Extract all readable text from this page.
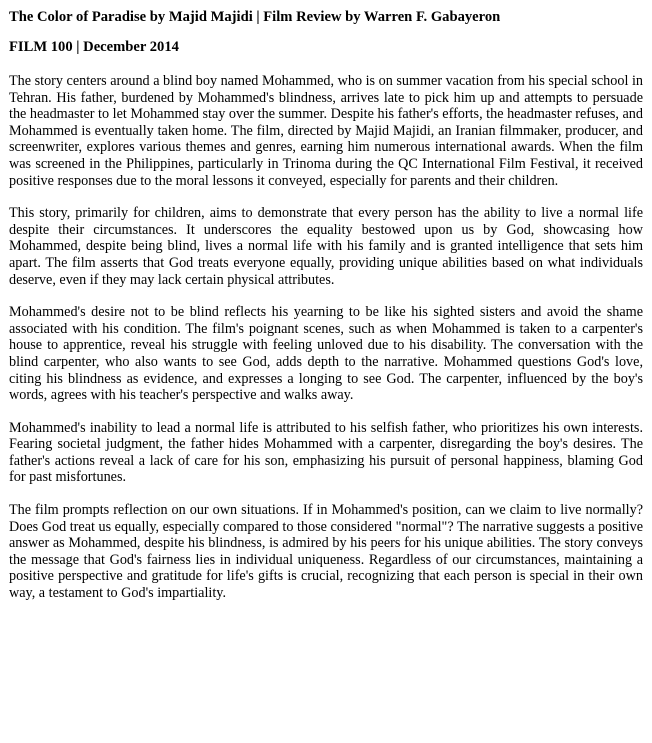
The Color of Paradise by Majid Majidi | Film Review by Warren F. Gabayeron
FILM 100 | December 2014

The story centers around a blind boy named Mohammed, who is on summer vacation from his special school in Tehran. His father, burdened by Mohammed's blindness, arrives late to pick him up and attempts to persuade the headmaster to let Mohammed stay over the summer. Despite his father's efforts, the headmaster refuses, and Mohammed is eventually taken home. The film, directed by Majid Majidi, an Iranian filmmaker, producer, and screenwriter, explores various themes and genres, earning him numerous international awards. When the film was screened in the Philippines, particularly in Trinoma during the QC International Film Festival, it received positive responses due to the moral lessons it conveyed, especially for parents and their children.

This story, primarily for children, aims to demonstrate that every person has the ability to live a normal life despite their circumstances. It underscores the equality bestowed upon us by God, showcasing how Mohammed, despite being blind, lives a normal life with his family and is granted intelligence that sets him apart. The film asserts that God treats everyone equally, providing unique abilities based on what individuals deserve, even if they may lack certain physical attributes.

Mohammed's desire not to be blind reflects his yearning to be like his sighted sisters and avoid the shame associated with his condition. The film's poignant scenes, such as when Mohammed is taken to a carpenter's house to apprentice, reveal his struggle with feeling unloved due to his disability. The conversation with the blind carpenter, who also wants to see God, adds depth to the narrative. Mohammed questions God's love, citing his blindness as evidence, and expresses a longing to see God. The carpenter, influenced by the boy's words, agrees with his teacher's perspective and walks away.

Mohammed's inability to lead a normal life is attributed to his selfish father, who prioritizes his own interests. Fearing societal judgment, the father hides Mohammed with a carpenter, disregarding the boy's desires. The father's actions reveal a lack of care for his son, emphasizing his pursuit of personal happiness, blaming God for past misfortunes.

The film prompts reflection on our own situations. If in Mohammed's position, can we claim to live normally? Does God treat us equally, especially compared to those considered "normal"? The narrative suggests a positive answer as Mohammed, despite his blindness, is admired by his peers for his unique abilities. The story conveys the message that God's fairness lies in individual uniqueness. Regardless of our circumstances, maintaining a positive perspective and gratitude for life's gifts is crucial, recognizing that each person is special in their own way, a testament to God's impartiality.
